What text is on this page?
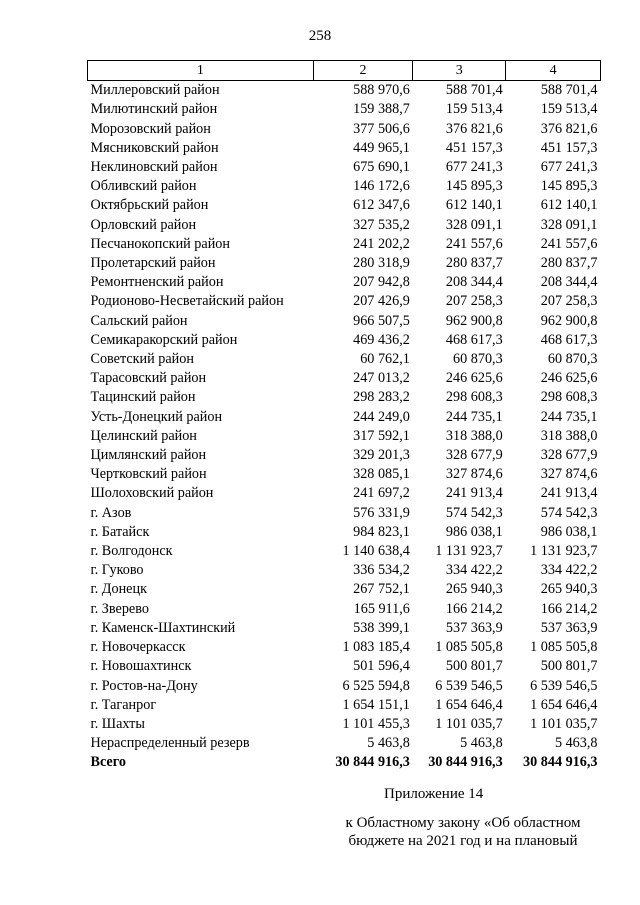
258
1	2	3	4
Миллеровский район	588 970,6	588 701,4	588 701,4
Милютинский район	159 388,7	159 513,4	159 513,4
Морозовский район	377 506,6	376 821,6	376 821,6
Мясниковский район	449 965,1	451 157,3	451 157,3
Неклиновский район	675 690,1	677 241,3	677 241,3
Обливский район	146 172,6	145 895,3	145 895,3
Октябрьский район	612 347,6	612 140,1	612 140,1
Орловский район	327 535,2	328 091,1	328 091,1
Песчанокопский район	241 202,2	241 557,6	241 557,6
Пролетарский район	280 318,9	280 837,7	280 837,7
Ремонтненский район	207 942,8	208 344,4	208 344,4
Родионово-Несветайский район	207 426,9	207 258,3	207 258,3
Сальский район	966 507,5	962 900,8	962 900,8
Семикаракорский район	469 436,2	468 617,3	468 617,3
Советский район	60 762,1	60 870,3	60 870,3
Тарасовский район	247 013,2	246 625,6	246 625,6
Тацинский район	298 283,2	298 608,3	298 608,3
Усть-Донецкий район	244 249,0	244 735,1	244 735,1
Целинский район	317 592,1	318 388,0	318 388,0
Цимлянский район	329 201,3	328 677,9	328 677,9
Чертковский район	328 085,1	327 874,6	327 874,6
Шолоховский район	241 697,2	241 913,4	241 913,4
г. Азов	576 331,9	574 542,3	574 542,3
г. Батайск	984 823,1	986 038,1	986 038,1
г. Волгодонск	1 140 638,4	1 131 923,7	1 131 923,7
г. Гуково	336 534,2	334 422,2	334 422,2
г. Донецк	267 752,1	265 940,3	265 940,3
г. Зверево	165 911,6	166 214,2	166 214,2
г. Каменск-Шахтинский	538 399,1	537 363,9	537 363,9
г. Новочеркасск	1 083 185,4	1 085 505,8	1 085 505,8
г. Новошахтинск	501 596,4	500 801,7	500 801,7
г. Ростов-на-Дону	6 525 594,8	6 539 546,5	6 539 546,5
г. Таганрог	1 654 151,1	1 654 646,4	1 654 646,4
г. Шахты	1 101 455,3	1 101 035,7	1 101 035,7
Нераспределенный резерв	5 463,8	5 463,8	5 463,8
Всего	30 844 916,3	30 844 916,3	30 844 916,3
Приложение 14
к Областному закону «Об областном
бюджете на 2021 год и на плановый
